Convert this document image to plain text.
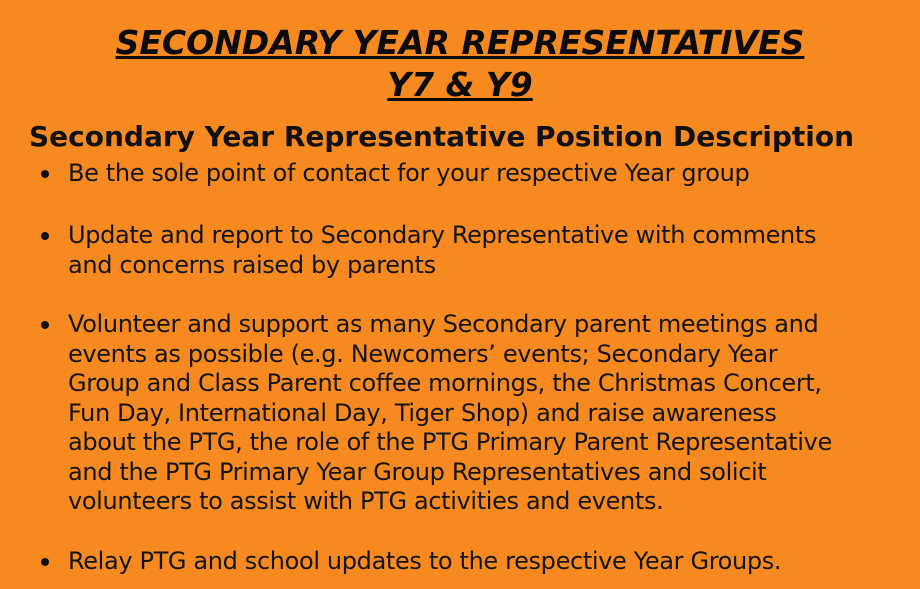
SECONDARY YEAR REPRESENTATIVES
Y7 & Y9
Secondary Year Representative Position Description
Be the sole point of contact for your respective Year group
Update and report to Secondary Representative with comments
and concerns raised by parents
Volunteer and support as many Secondary parent meetings and
events as possible (e.g. Newcomers’ events; Secondary Year
Group and Class Parent coffee mornings, the Christmas Concert,
Fun Day, International Day, Tiger Shop) and raise awareness
about the PTG, the role of the PTG Primary Parent Representative
and the PTG Primary Year Group Representatives and solicit
volunteers to assist with PTG activities and events.
Relay PTG and school updates to the respective Year Groups.
